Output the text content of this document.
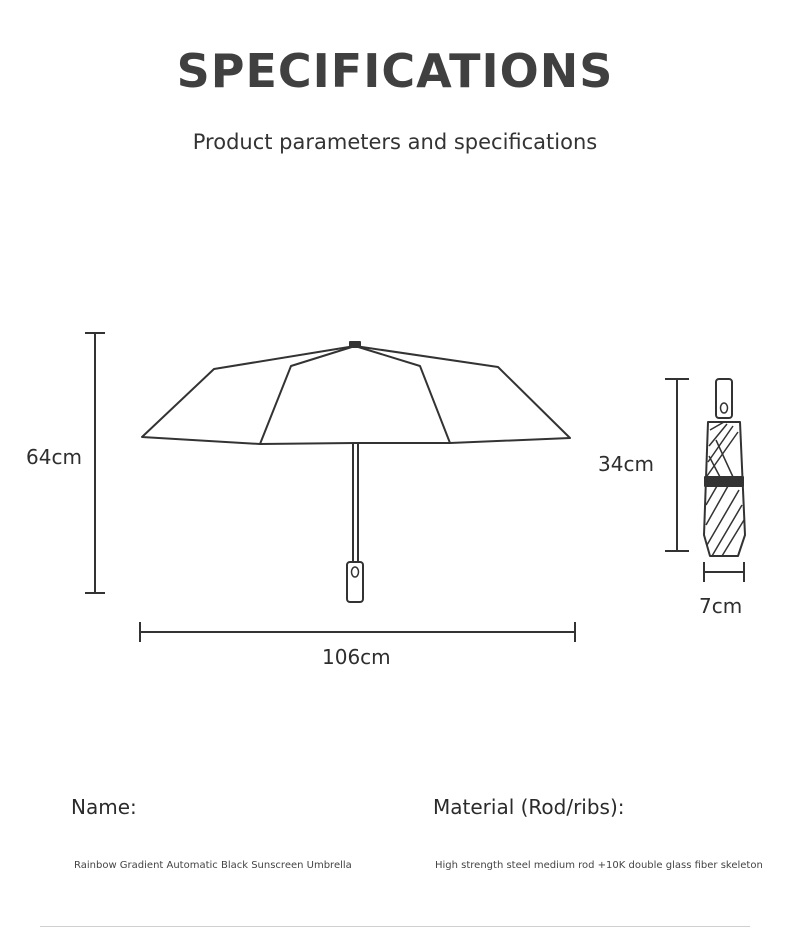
SPECIFICATIONS
Product parameters and specifications
64cm
106cm
34cm
7cm
Name:	Material (Rod/ribs):
Rainbow Gradient Automatic Black Sunscreen Umbrella	High strength steel medium rod +10K double glass fiber skeleton
